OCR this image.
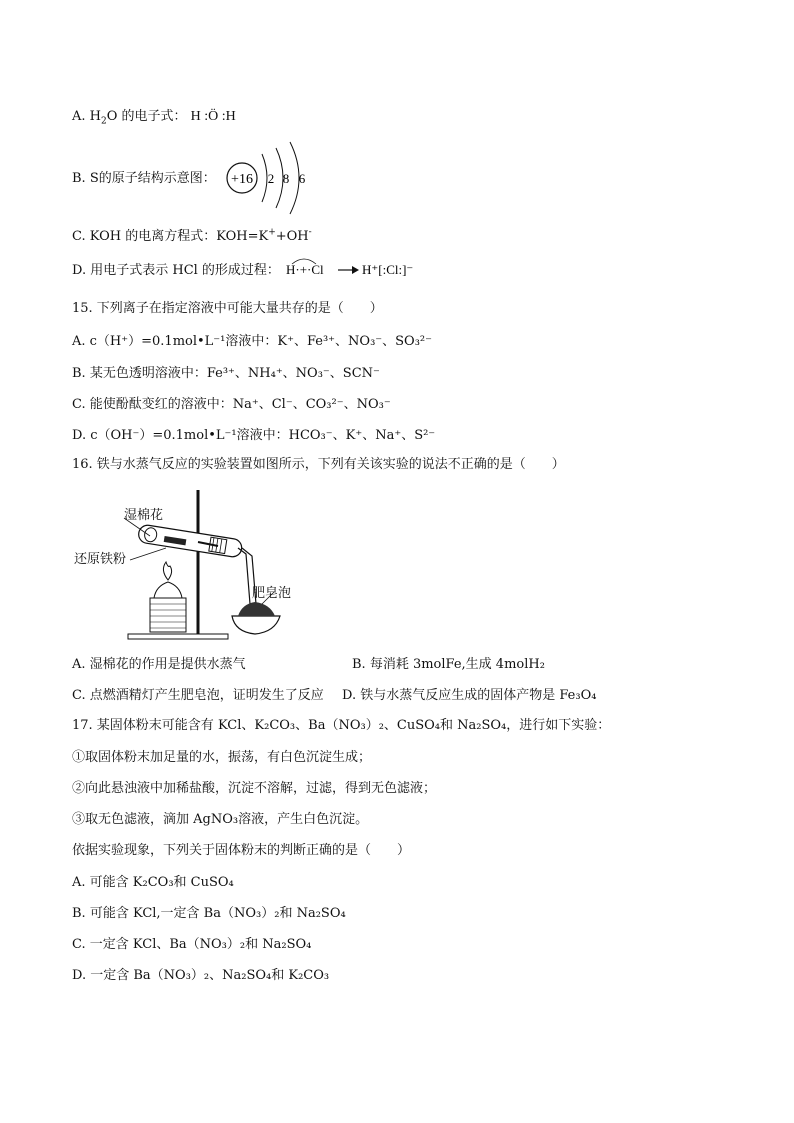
A. $H_2O$ 的电子式： H :Ö :H
B. S的原子结构示意图： +16 2 8 6
C. KOH 的电离方程式：KOH=K++OH-
D. 用电子式表示 HCl 的形成过程： H·+·Cl	H⁺[:Cl:]⁻
15. 下列离子在指定溶液中可能大量共存的是（　　）
A. c（H⁺）=0.1mol•L⁻¹溶液中：K⁺、Fe³⁺、NO₃⁻、SO₃²⁻
B. 某无色透明溶液中：Fe³⁺、NH₄⁺、NO₃⁻、SCN⁻
C. 能使酚酞变红的溶液中：Na⁺、Cl⁻、CO₃²⁻、NO₃⁻
D. c（OH⁻）=0.1mol•L⁻¹溶液中：HCO₃⁻、K⁺、Na⁺、S²⁻
16. 铁与水蒸气反应的实验装置如图所示，下列有关该实验的说法不正确的是（　　）
湿棉花
还原铁粉
肥皂泡
A. 湿棉花的作用是提供水蒸气	B. 每消耗 3molFe,生成 4molH₂
C. 点燃酒精灯产生肥皂泡，证明发生了反应 D. 铁与水蒸气反应生成的固体产物是 Fe₃O₄
17. 某固体粉末可能含有 KCl、K₂CO₃、Ba（NO₃）₂、CuSO₄和 Na₂SO₄，进行如下实验：
①取固体粉末加足量的水，振荡，有白色沉淀生成；
②向此悬浊液中加稀盐酸，沉淀不溶解，过滤，得到无色滤液；
③取无色滤液，滴加 AgNO₃溶液，产生白色沉淀。
依据实验现象，下列关于固体粉末的判断正确的是（　　）
A. 可能含 K₂CO₃和 CuSO₄
B. 可能含 KCl,一定含 Ba（NO₃）₂和 Na₂SO₄
C. 一定含 KCl、Ba（NO₃）₂和 Na₂SO₄
D. 一定含 Ba（NO₃）₂、Na₂SO₄和 K₂CO₃
